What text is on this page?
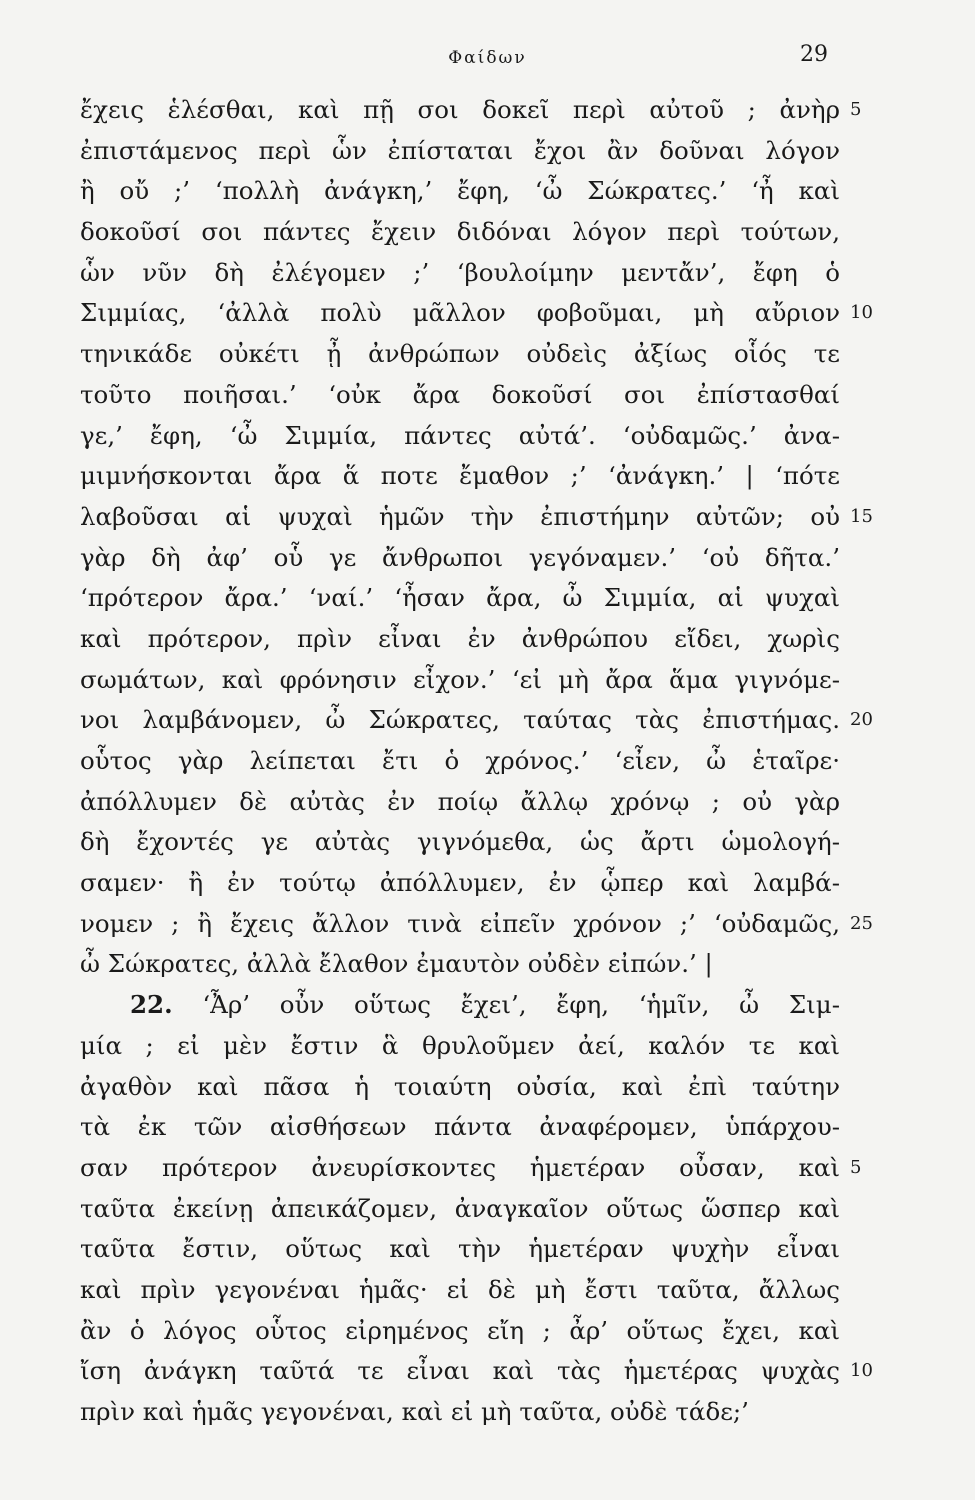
Φαίδων	29
ἔχεις ἑλέσθαι, καὶ πῇ σοι δοκεῖ περὶ αὐτοῦ ; ἀνὴρ 5
ἐπιστάμενος περὶ ὧν ἐπίσταται ἔχοι ἂν δοῦναι λόγον
ἢ οὔ ;’ ‘πολλὴ ἀνάγκη,’ ἔφη, ‘ὦ Σώκρατες.’ ‘ἦ καὶ
δοκοῦσί σοι πάντες ἔχειν διδόναι λόγον περὶ τούτων,
ὧν νῦν δὴ ἐλέγομεν ;’ ‘βουλοίμην μεντἄν’, ἔφη ὁ
Σιμμίας, ‘ἀλλὰ πολὺ μᾶλλον φοβοῦμαι, μὴ αὔριον 10
τηνικάδε οὐκέτι ᾖ ἀνθρώπων οὐδεὶς ἀξίως οἷός τε
τοῦτο ποιῆσαι.’ ‘οὐκ ἄρα δοκοῦσί σοι ἐπίστασθαί
γε,’ ἔφη, ‘ὦ Σιμμία, πάντες αὐτά’. ‘οὐδαμῶς.’ ἀνα-
μιμνήσκονται ἄρα ἅ ποτε ἔμαθον ;’ ‘ἀνάγκη.’ | ‘πότε
λαβοῦσαι αἱ ψυχαὶ ἡμῶν τὴν ἐπιστήμην αὐτῶν; οὐ 15
γὰρ δὴ ἀφ’ οὗ γε ἄνθρωποι γεγόναμεν.’ ‘οὐ δῆτα.’
‘πρότερον ἄρα.’ ‘ναί.’ ‘ἦσαν ἄρα, ὦ Σιμμία, αἱ ψυχαὶ
καὶ πρότερον, πρὶν εἶναι ἐν ἀνθρώπου εἴδει, χωρὶς
σωμάτων, καὶ φρόνησιν εἶχον.’ ‘εἰ μὴ ἄρα ἅμα γιγνόμε-
νοι λαμβάνομεν, ὦ Σώκρατες, ταύτας τὰς ἐπιστήμας. 20
οὗτος γὰρ λείπεται ἔτι ὁ χρόνος.’ ‘εἶεν, ὦ ἑταῖρε·
ἀπόλλυμεν δὲ αὐτὰς ἐν ποίῳ ἄλλῳ χρόνῳ ; οὐ γὰρ
δὴ ἔχοντές γε αὐτὰς γιγνόμεθα, ὡς ἄρτι ὡμολογή-
σαμεν· ἢ ἐν τούτῳ ἀπόλλυμεν, ἐν ᾧπερ καὶ λαμβά-
νομεν ; ἢ ἔχεις ἄλλον τινὰ εἰπεῖν χρόνον ;’ ‘οὐδαμῶς, 25
ὦ Σώκρατες, ἀλλὰ ἔλαθον ἐμαυτὸν οὐδὲν εἰπών.’ |
22. ‘Ἆρ’ οὖν οὕτως ἔχει’, ἔφη, ‘ἡμῖν, ὦ Σιμ-
μία ; εἰ μὲν ἔστιν ἃ θρυλοῦμεν ἀεί, καλόν τε καὶ
ἀγαθὸν καὶ πᾶσα ἡ τοιαύτη οὐσία, καὶ ἐπὶ ταύτην
τὰ ἐκ τῶν αἰσθήσεων πάντα ἀναφέρομεν, ὑπάρχου-
σαν πρότερον ἀνευρίσκοντες ἡμετέραν οὖσαν, καὶ 5
ταῦτα ἐκείνῃ ἀπεικάζομεν, ἀναγκαῖον οὕτως ὥσπερ καὶ
ταῦτα ἔστιν, οὕτως καὶ τὴν ἡμετέραν ψυχὴν εἶναι
καὶ πρὶν γεγονέναι ἡμᾶς· εἰ δὲ μὴ ἔστι ταῦτα, ἄλλως
ἂν ὁ λόγος οὗτος εἰρημένος εἴη ; ἆρ’ οὕτως ἔχει, καὶ
ἴση ἀνάγκη ταῦτά τε εἶναι καὶ τὰς ἡμετέρας ψυχὰς 10
πρὶν καὶ ἡμᾶς γεγονέναι, καὶ εἰ μὴ ταῦτα, οὐδὲ τάδε;’
